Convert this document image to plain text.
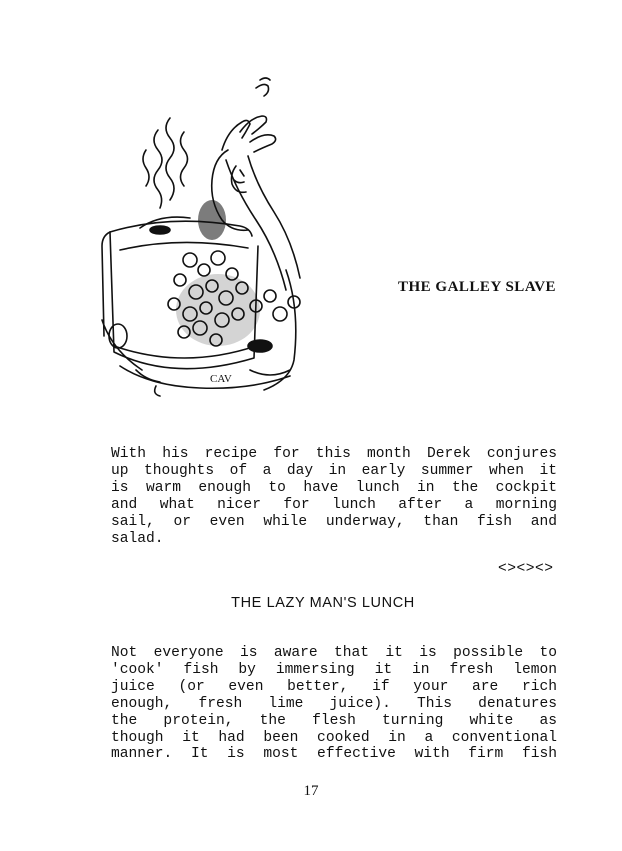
CAV
THE GALLEY SLAVE

With his recipe for this month Derek conjures
up thoughts of a day in early summer when it
is warm enough to have lunch in the cockpit
and what nicer for lunch after a morning
sail, or even while underway, than fish and
salad.

<><><>
THE LAZY MAN'S LUNCH

Not everyone is aware that it is possible to
'cook' fish by immersing it in fresh lemon
juice (or even better, if your are rich
enough, fresh lime juice). This denatures
the protein, the flesh turning white as
though it had been cooked in a conventional
manner. It is most effective with firm fish

17
